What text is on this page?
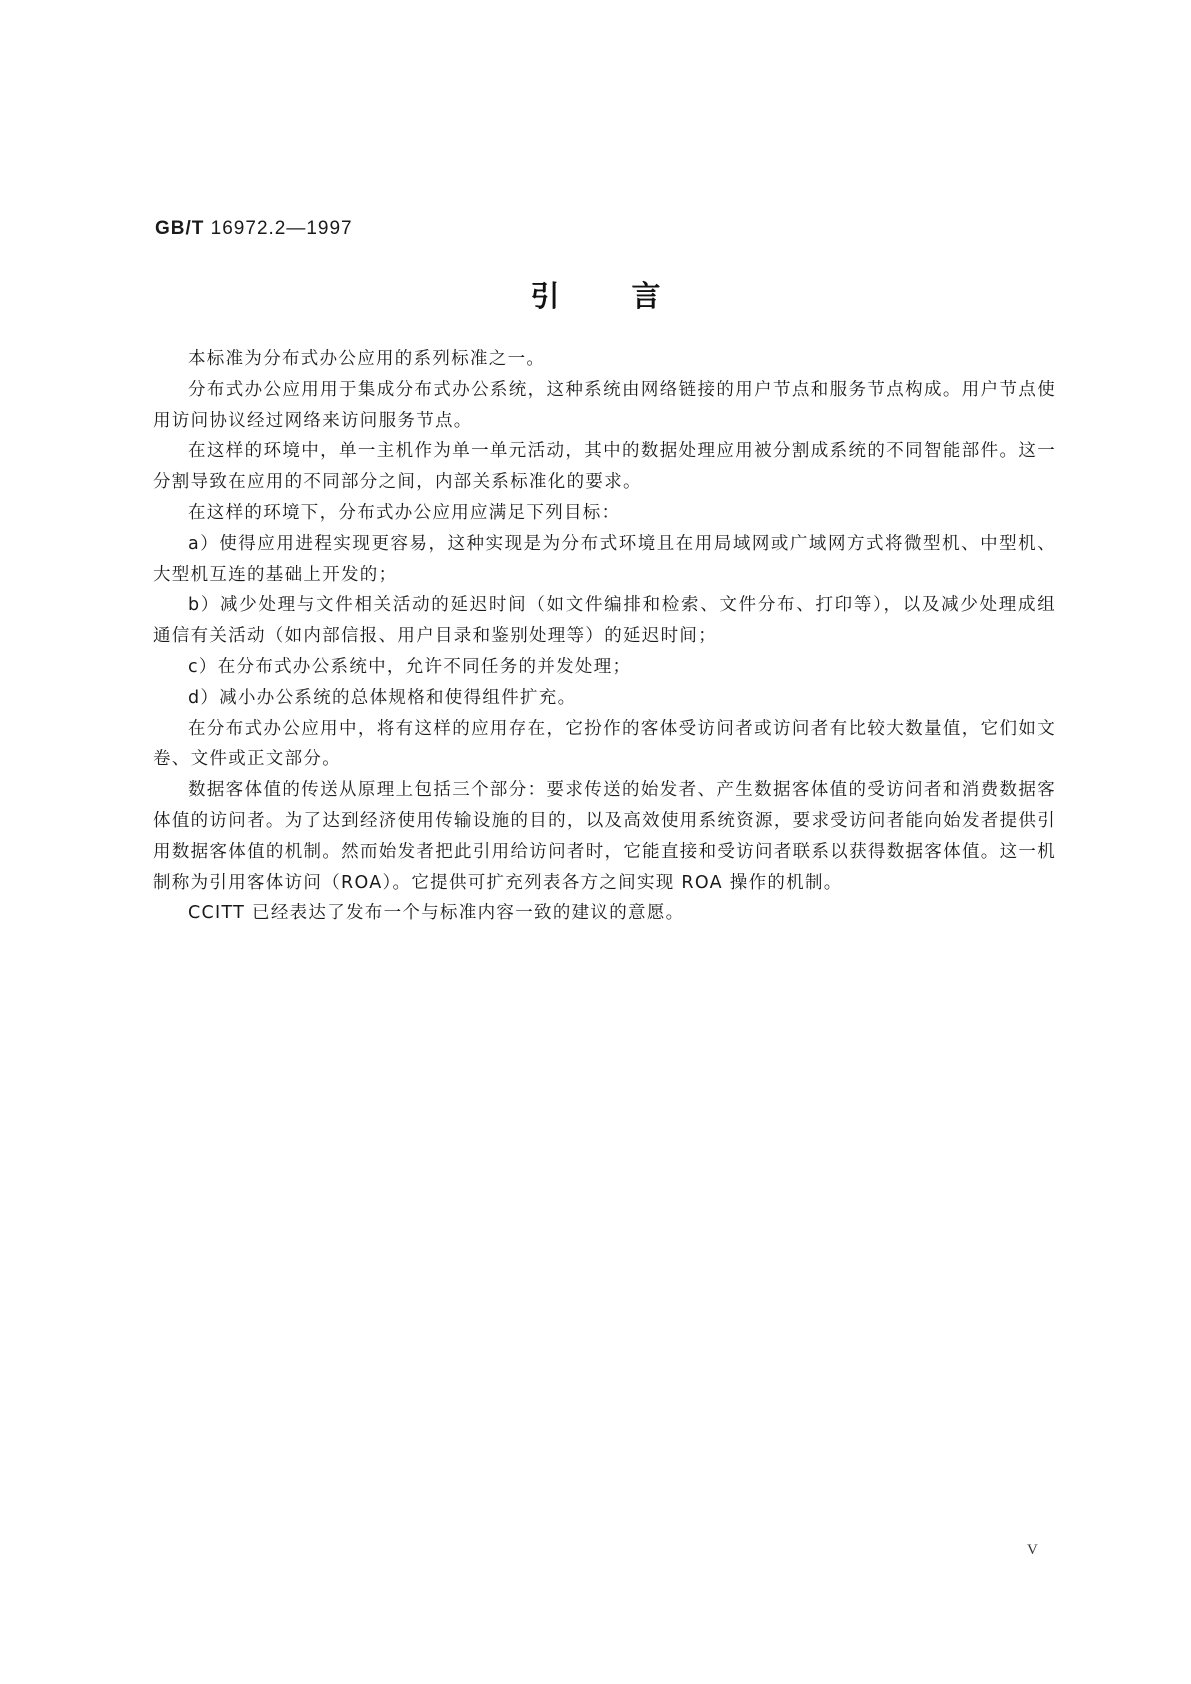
GB/T 16972.2—1997
引言

本标准为分布式办公应用的系列标准之一。

分布式办公应用用于集成分布式办公系统，这种系统由网络链接的用户节点和服务节点构成。用户节点使用访问协议经过网络来访问服务节点。

在这样的环境中，单一主机作为单一单元活动，其中的数据处理应用被分割成系统的不同智能部件。这一分割导致在应用的不同部分之间，内部关系标准化的要求。

在这样的环境下，分布式办公应用应满足下列目标：

a）使得应用进程实现更容易，这种实现是为分布式环境且在用局域网或广域网方式将微型机、中型机、大型机互连的基础上开发的；

b）减少处理与文件相关活动的延迟时间（如文件编排和检索、文件分布、打印等），以及减少处理成组通信有关活动（如内部信报、用户目录和鉴别处理等）的延迟时间；

c）在分布式办公系统中，允许不同任务的并发处理；

d）减小办公系统的总体规格和使得组件扩充。

在分布式办公应用中，将有这样的应用存在，它扮作的客体受访问者或访问者有比较大数量值，它们如文卷、文件或正文部分。

数据客体值的传送从原理上包括三个部分：要求传送的始发者、产生数据客体值的受访问者和消费数据客体值的访问者。为了达到经济使用传输设施的目的，以及高效使用系统资源，要求受访问者能向始发者提供引用数据客体值的机制。然而始发者把此引用给访问者时，它能直接和受访问者联系以获得数据客体值。这一机制称为引用客体访问（ROA）。它提供可扩充列表各方之间实现 ROA 操作的机制。

CCITT 已经表达了发布一个与标准内容一致的建议的意愿。

V
